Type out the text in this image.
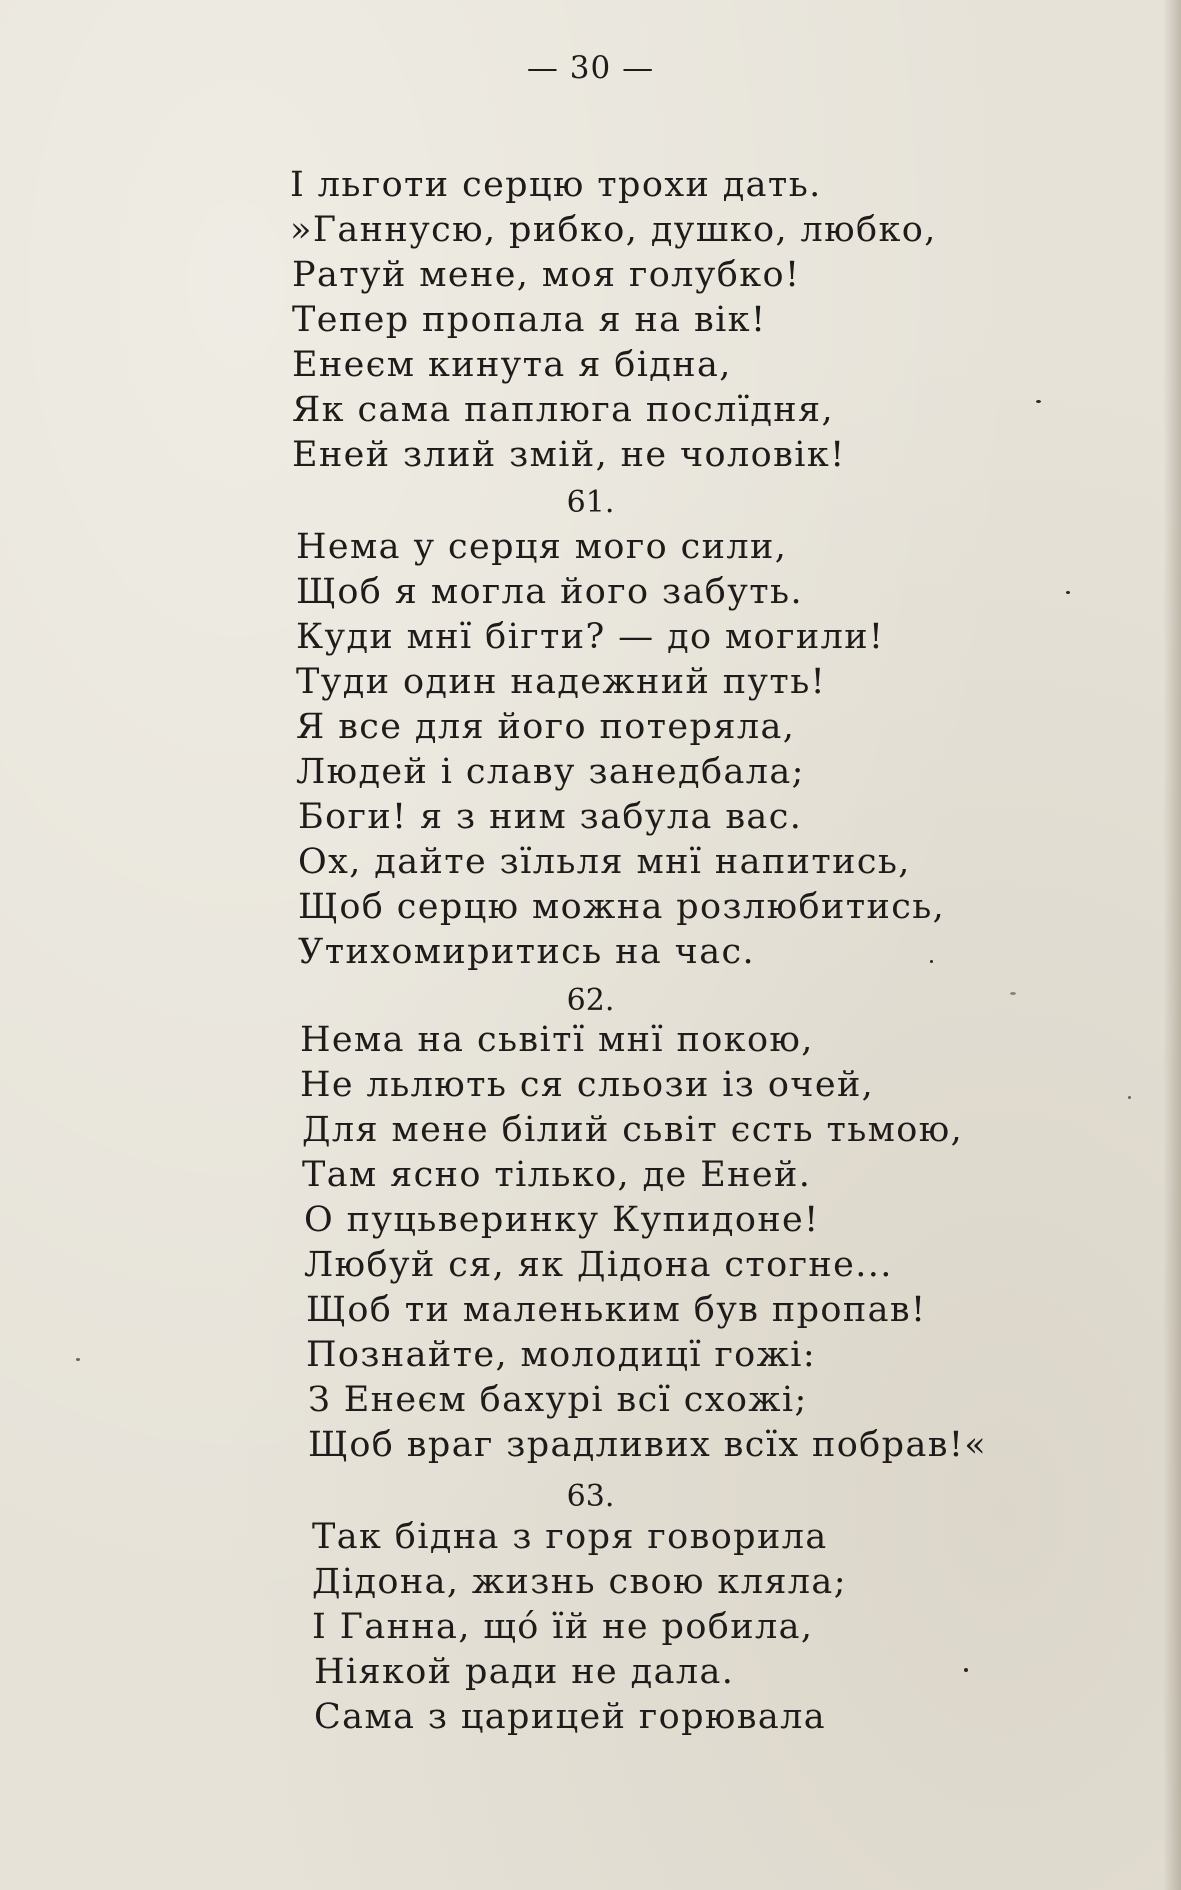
— 30 —
І льготи серцю трохи дать.
»Ганнусю, рибко, душко, любко,
Ратуй мене, моя голубко!
Тепер пропала я на вік!
Енеєм кинута я бідна,
Як сама паплюга послїдня,
Еней злий змій, не чоловік!
61.
Нема у серця мого сили,
Щоб я могла його забуть.
Куди мнї бігти? — до могили!
Туди один надежний путь!
Я все для його потеряла,
Людей і славу занедбала;
Боги! я з ним забула вас.
Ох, дайте зїльля мнї напитись,
Щоб серцю можна розлюбитись,
Утихомиритись на час.
62.
Нема на сьвітї мнї покою,
Не льлють ся сльози із очей,
Для мене білий сьвіт єсть тьмою,
Там ясно тілько, де Еней.
О пуцьверинку Купидоне!
Любуй ся, як Дідона стогне...
Щоб ти маленьким був пропав!
Познайте, молодицї гожі:
З Енеєм бахурі всї схожі;
Щоб враг зрадливих всїх побрав!«
63.
Так бідна з горя говорила
Дідона, жизнь свою кляла;
І Ганна, що́ їй не робила,
Ніякой ради не дала.
Сама з царицей горювала
